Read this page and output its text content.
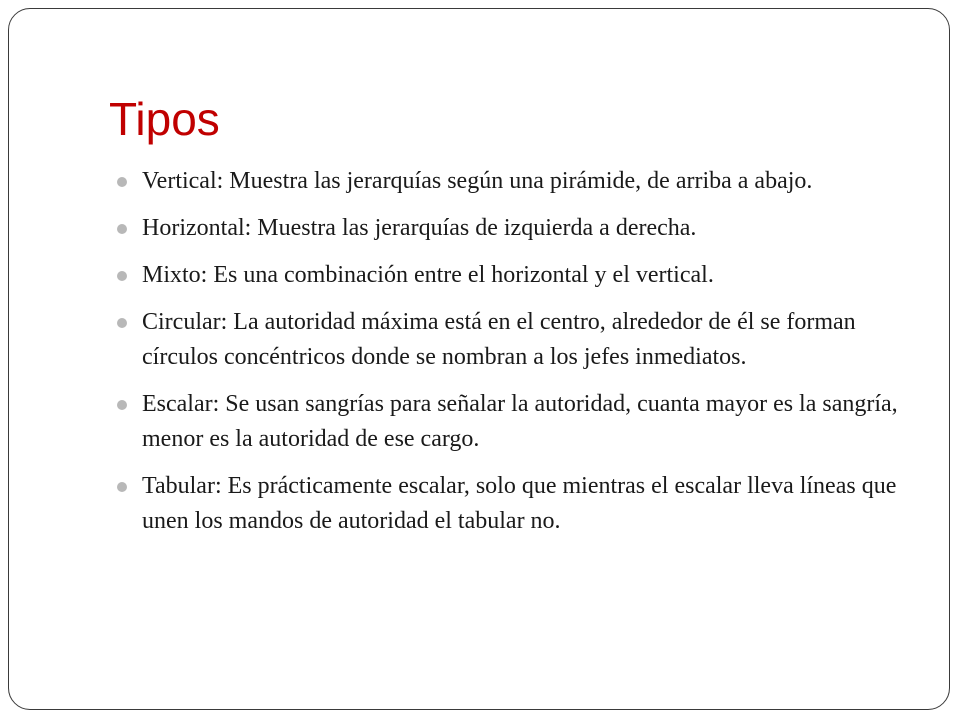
Tipos
Vertical: Muestra las jerarquías según una pirámide, de arriba a abajo.
Horizontal: Muestra las jerarquías de izquierda a derecha.
Mixto: Es una combinación entre el horizontal y el vertical.
Circular: La autoridad máxima está en el centro, alrededor de él se forman círculos concéntricos donde se nombran a los jefes inmediatos.
Escalar: Se usan sangrías para señalar la autoridad, cuanta mayor es la sangría, menor es la autoridad de ese cargo.
Tabular: Es prácticamente escalar, solo que mientras el escalar lleva líneas que unen los mandos de autoridad el tabular no.
